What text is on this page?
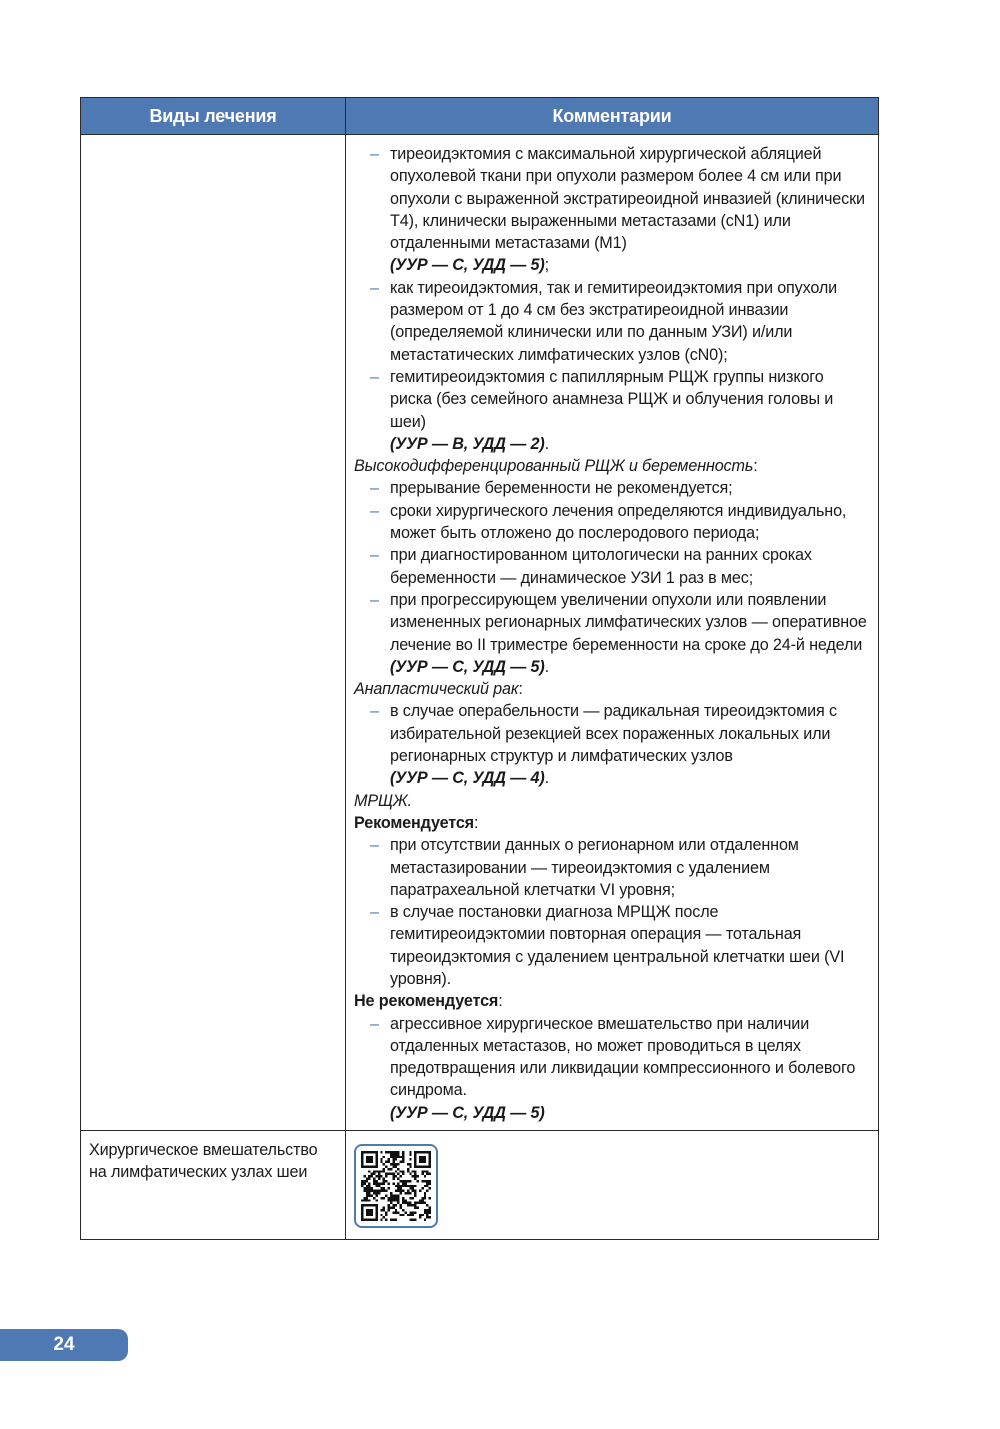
Виды лечения	Комментарии
– тиреоидэктомия с максимальной хирургической абляцией опухолевой ткани при опухоли размером более 4 см или при опухоли с выраженной экстратиреоидной инвазией (клинически T4), клинически выраженными метастазами (cN1) или отдаленными метастазами (M1)
(УУР — С, УДД — 5);
– как тиреоидэктомия, так и гемитиреоидэктомия при опухоли размером от 1 до 4 см без экстратиреоидной инвазии (определяемой клинически или по данным УЗИ) и/или метастатических лимфатических узлов (cN0);
– гемитиреоидэктомия с папиллярным РЩЖ группы низкого риска (без семейного анамнеза РЩЖ и облучения головы и шеи)
(УУР — В, УДД — 2).
Высокодифференцированный РЩЖ и беременность:
– прерывание беременности не рекомендуется;
– сроки хирургического лечения определяются индивидуально, может быть отложено до послеродового периода;
– при диагностированном цитологически на ранних сроках беременности — динамическое УЗИ 1 раз в мес;
– при прогрессирующем увеличении опухоли или появлении измененных регионарных лимфатических узлов — оперативное лечение во II триместре беременности на сроке до 24-й недели
(УУР — С, УДД — 5).
Анапластический рак:
– в случае операбельности — радикальная тиреоидэктомия с избирательной резекцией всех пораженных локальных или регионарных структур и лимфатических узлов
(УУР — С, УДД — 4).
МРЩЖ.
Рекомендуется:
– при отсутствии данных о регионарном или отдаленном метастазировании — тиреоидэктомия с удалением паратрахеальной клетчатки VI уровня;
– в случае постановки диагноза МРЩЖ после гемитиреоидэктомии повторная операция — тотальная тиреоидэктомия с удалением центральной клетчатки шеи (VI уровня).
Не рекомендуется:
– агрессивное хирургическое вмешательство при наличии отдаленных метастазов, но может проводиться в целях предотвращения или ликвидации компрессионного и болевого синдрома.
(УУР — С, УДД — 5)
Хирургическое вмешательство на лимфатических узлах шеи
24
